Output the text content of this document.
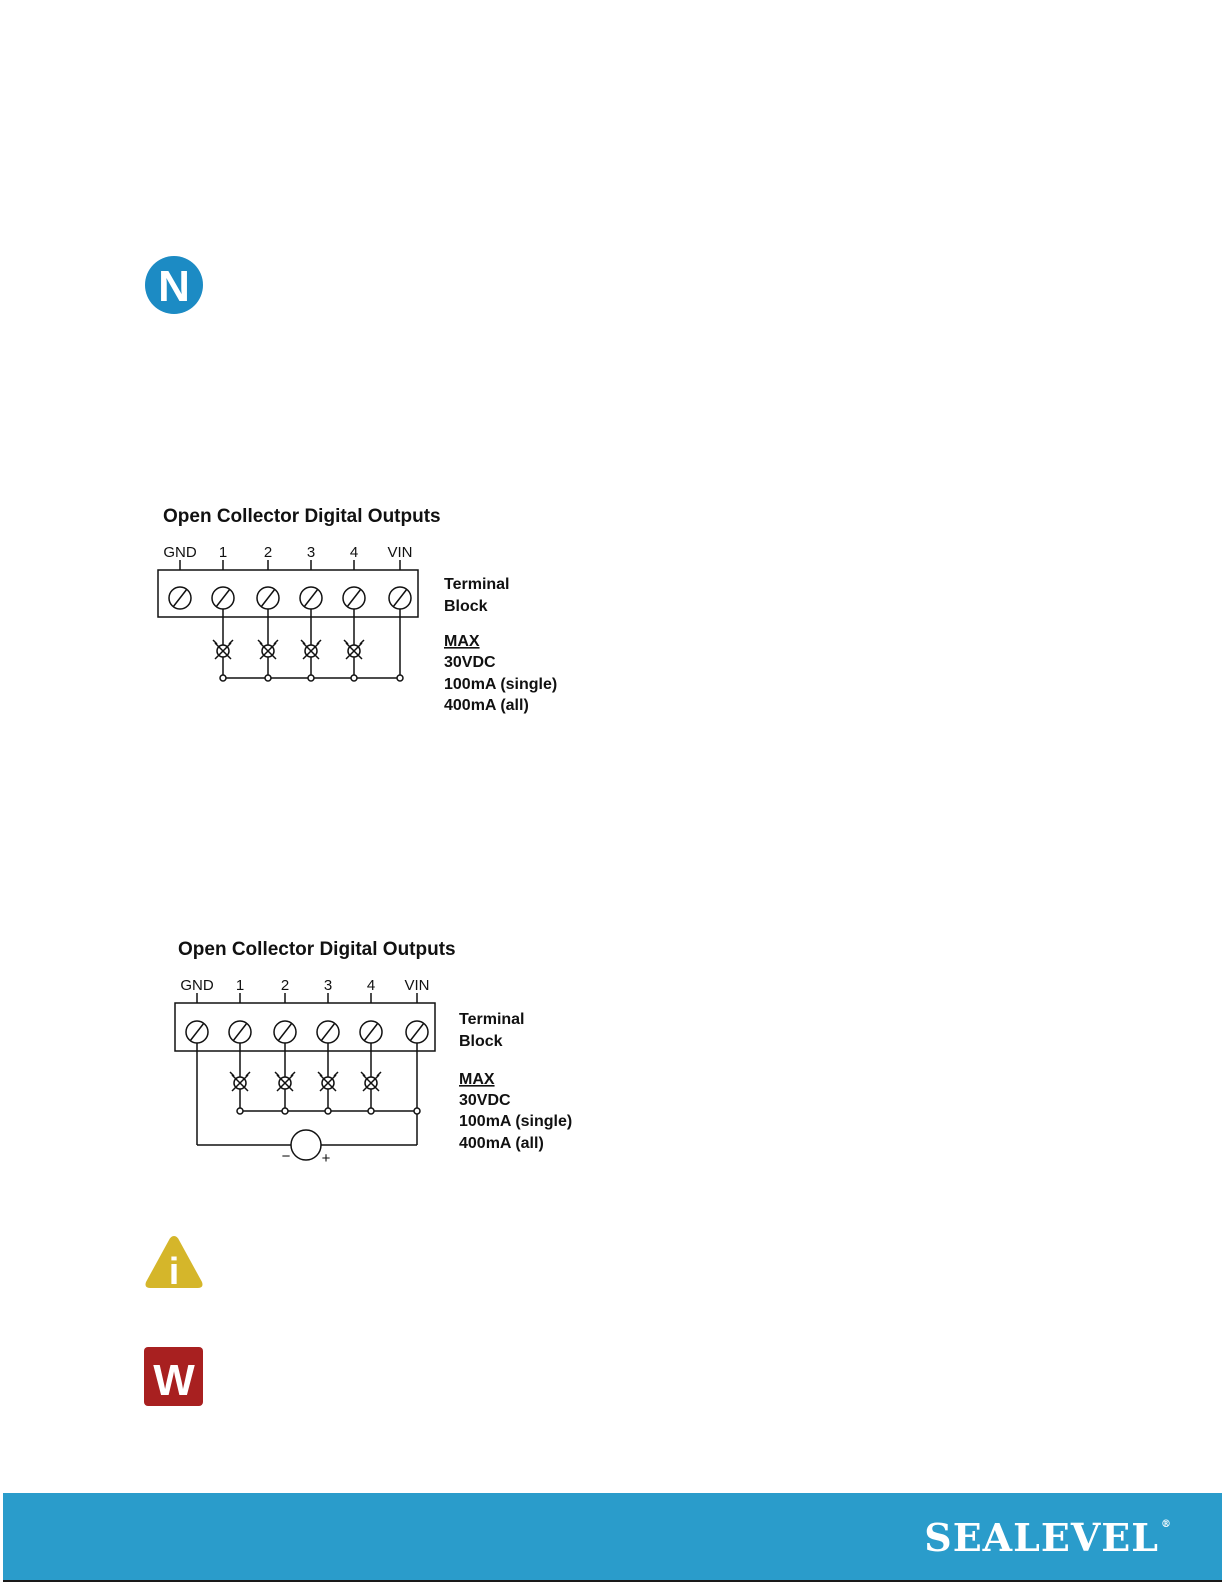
N
Open Collector Digital Outputs
GND 1 2 3 4 VIN
Terminal
Block
MAX
30VDC
100mA (single)
400mA (all)
Open Collector Digital Outputs
GND 1 2 3 4 VIN
− +
Terminal
Block
MAX
30VDC
100mA (single)
400mA (all)
i
W
SEALEVEL ®
